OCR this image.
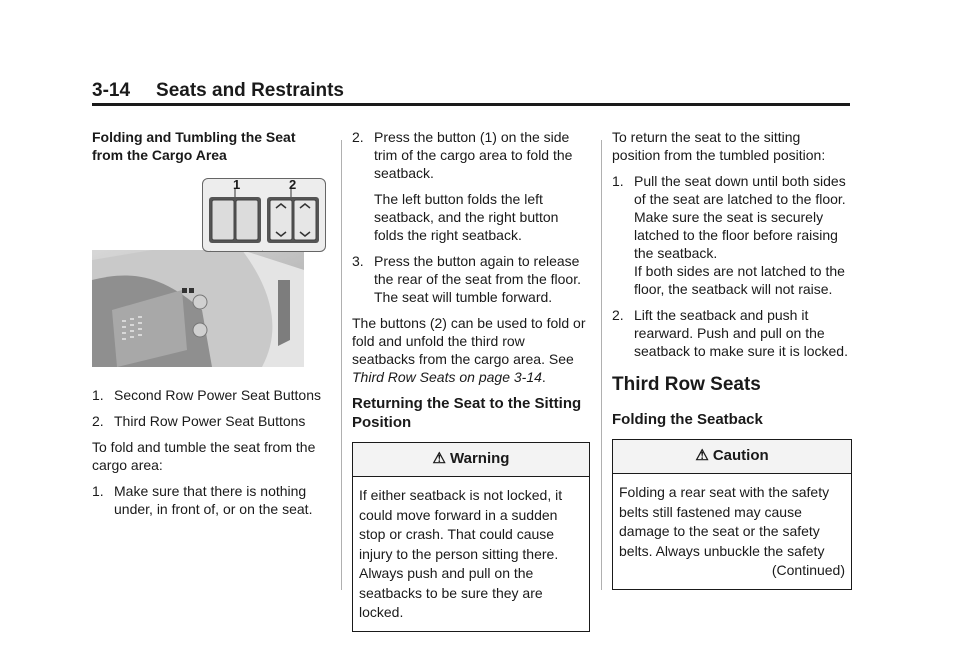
3-14 Seats and Restraints

Folding and Tumbling the Seat from the Cargo Area

1	2
1. Second Row Power Seat Buttons
2. Third Row Power Seat Buttons

To fold and tumble the seat from the cargo area:

1. Make sure that there is nothing under, in front of, or on the seat.
2. Press the button (1) on the side trim of the cargo area to fold the seatback.

The left button folds the left seatback, and the right button folds the right seatback.

3. Press the button again to release the rear of the seat from the floor. The seat will tumble forward.

The buttons (2) can be used to fold or fold and unfold the third row seatbacks from the cargo area. See Third Row Seats on page 3-14.

Returning the Seat to the Sitting Position
⚠ Warning
If either seatback is not locked, it could move forward in a sudden stop or crash. That could cause injury to the person sitting there. Always push and pull on the seatbacks to be sure they are locked.

To return the seat to the sitting position from the tumbled position:

1. Pull the seat down until both sides of the seat are latched to the floor. Make sure the seat is securely latched to the floor before raising the seatback.

If both sides are not latched to the floor, the seatback will not raise.

2. Lift the seatback and push it rearward. Push and pull on the seatback to make sure it is locked.
Third Row Seats
Folding the Seatback
⚠ Caution
Folding a rear seat with the safety belts still fastened may cause damage to the seat or the safety belts. Always unbuckle the safety
(Continued)
